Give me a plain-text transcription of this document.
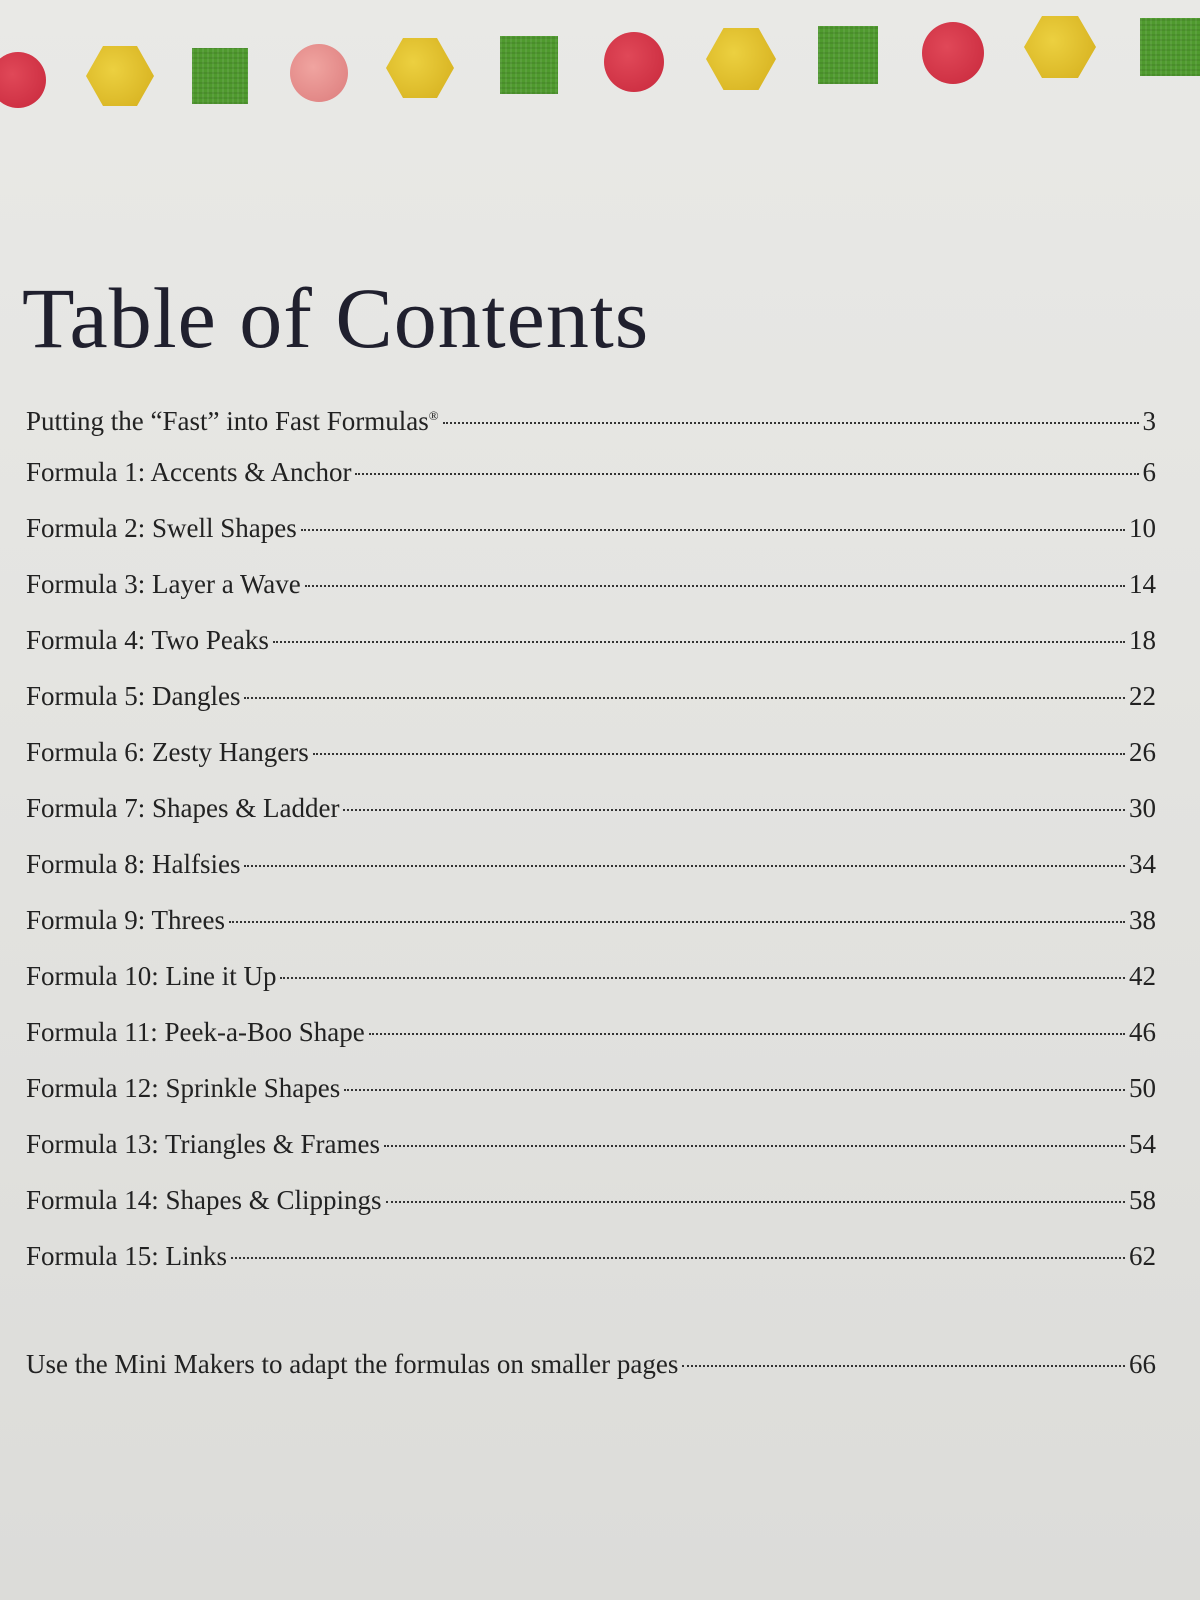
Table of Contents
Putting the “Fast” into Fast Formulas®	3
Formula 1: Accents & Anchor	6
Formula 2: Swell Shapes	10
Formula 3: Layer a Wave	14
Formula 4: Two Peaks	18
Formula 5: Dangles	22
Formula 6: Zesty Hangers	26
Formula 7: Shapes & Ladder	30
Formula 8: Halfsies	34
Formula 9: Threes	38
Formula 10: Line it Up	42
Formula 11: Peek-a-Boo Shape	46
Formula 12: Sprinkle Shapes	50
Formula 13: Triangles & Frames	54
Formula 14: Shapes & Clippings	58
Formula 15: Links	62
Use the Mini Makers to adapt the formulas on smaller pages	66
